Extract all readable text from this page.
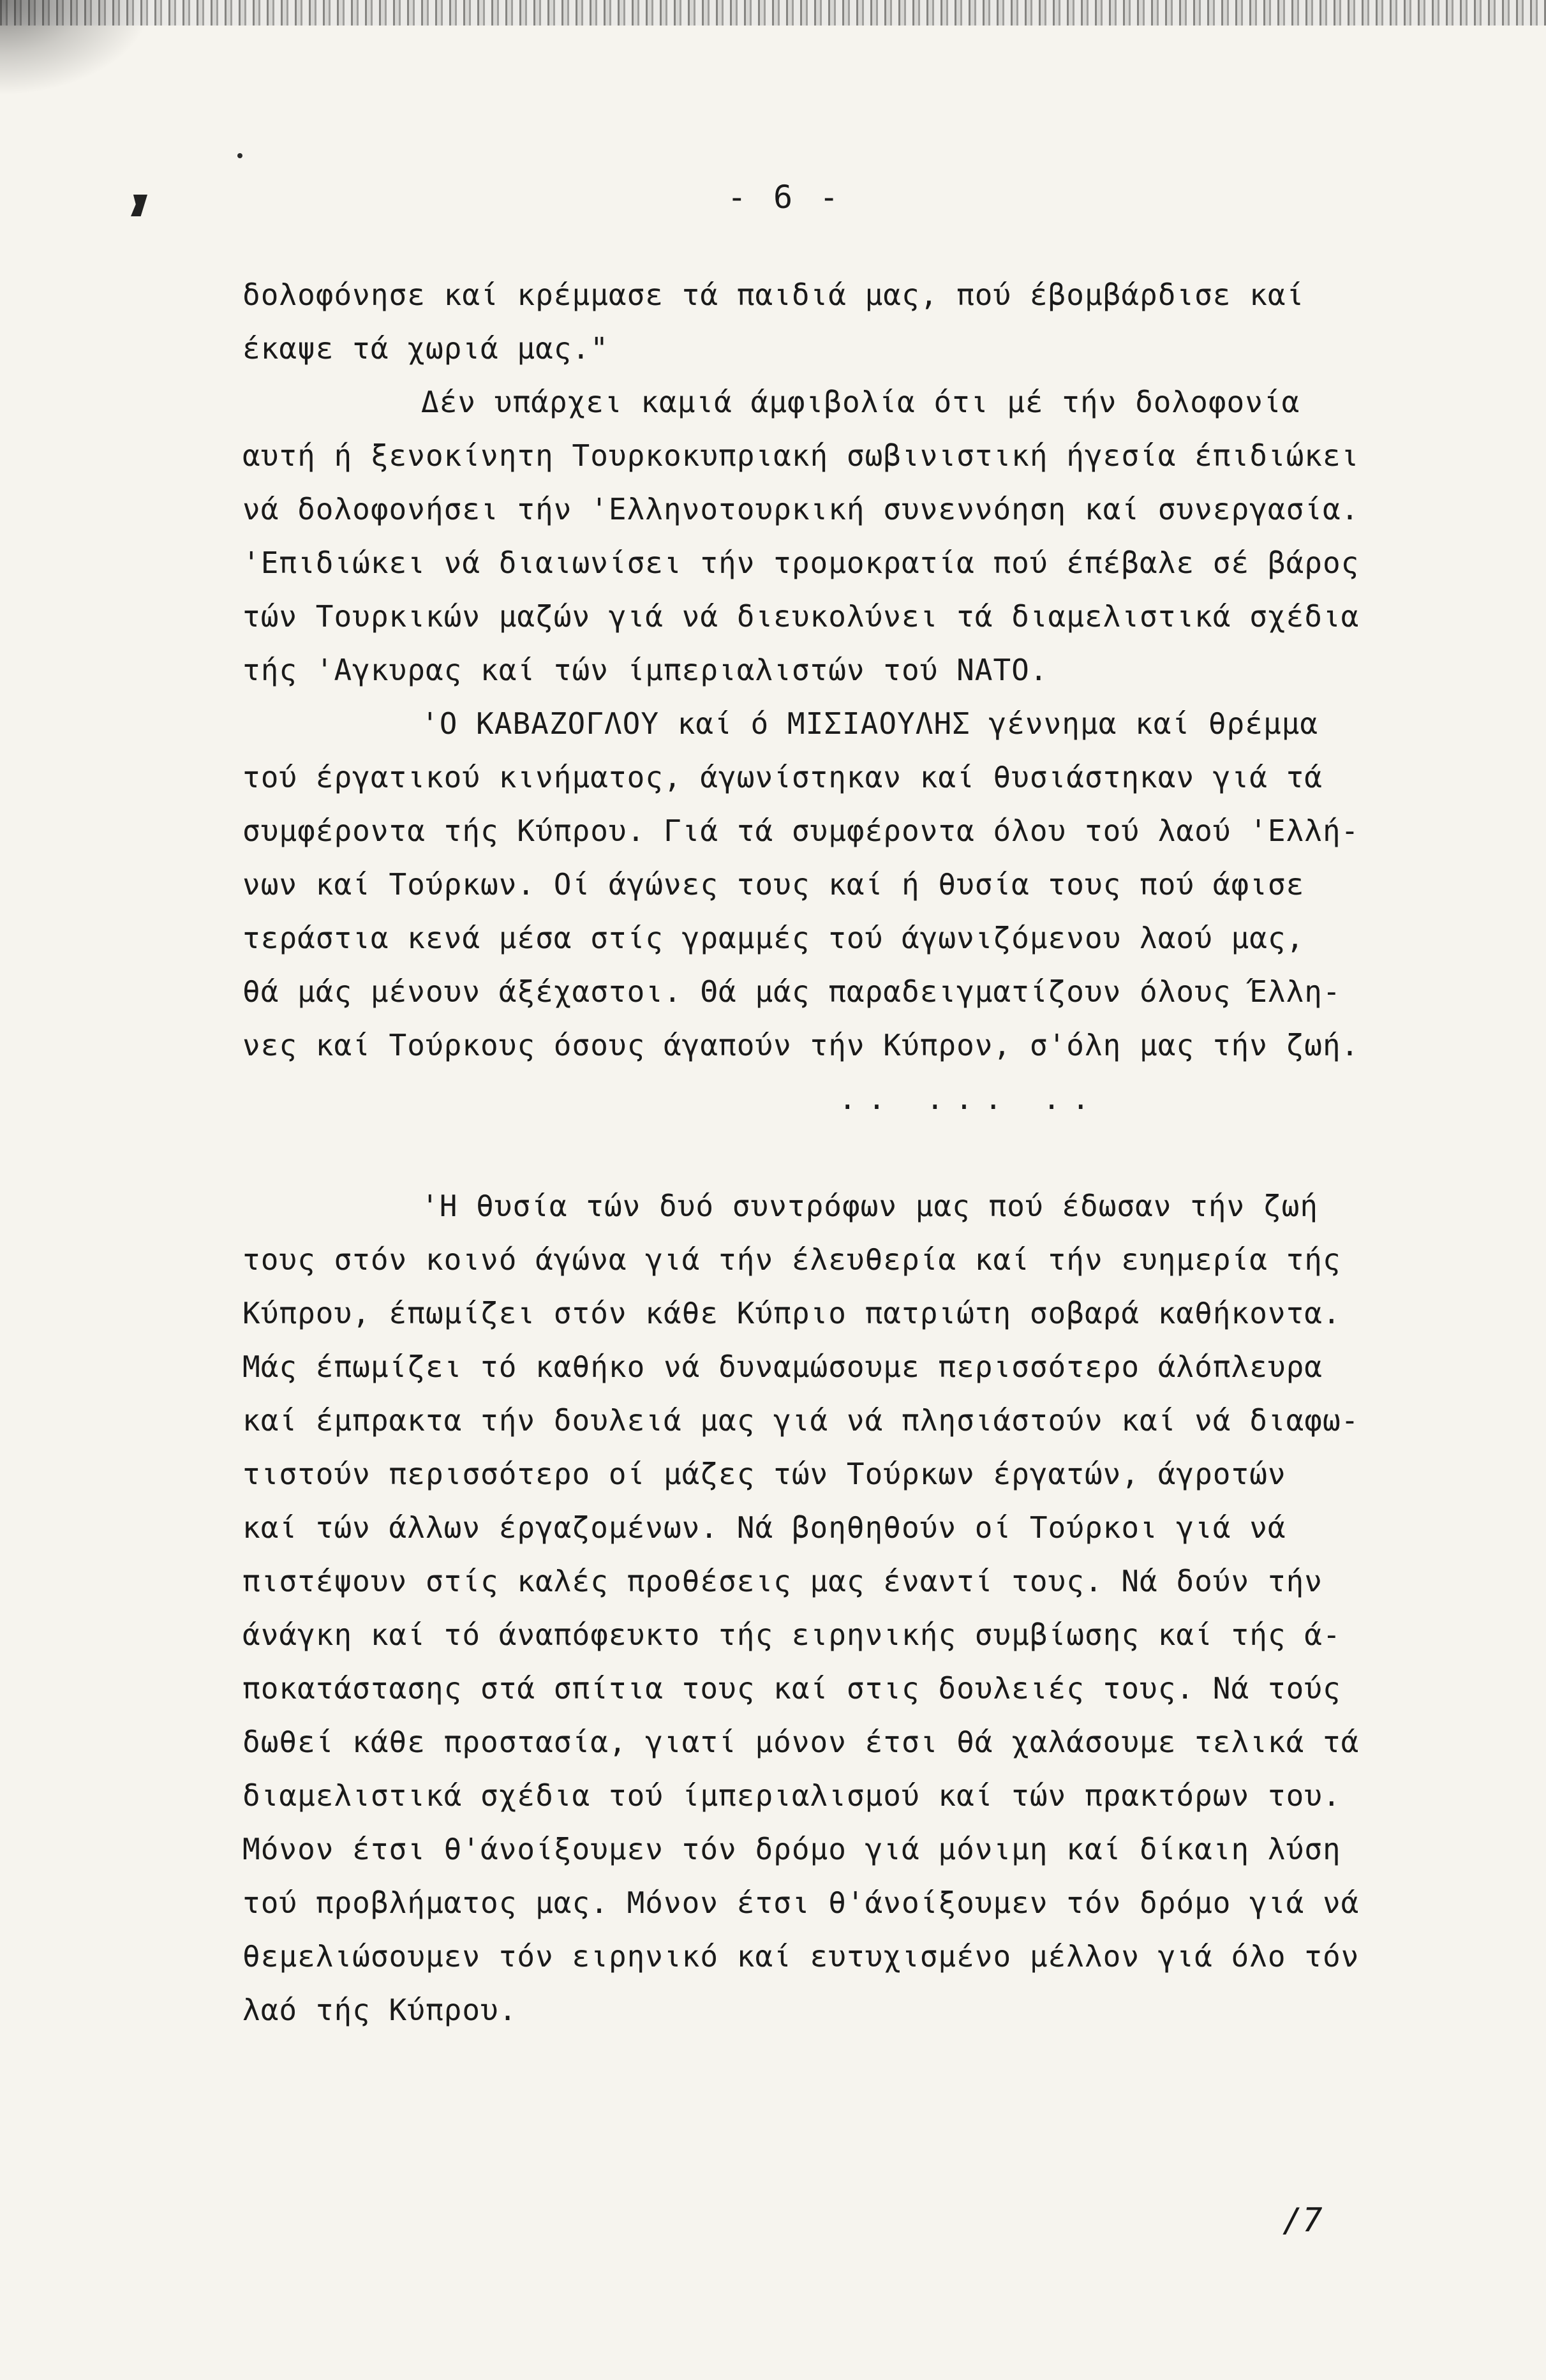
- 6 -
δολοφόνησε καί κρέμμασε τά παιδιά μας, πού έβομβάρδισε καί
έκαψε τά χωριά μας."
Δέν υπάρχει καμιά άμφιβολία ότι μέ τήν δολοφονία
αυτή ή ξενοκίνητη Τουρκοκυπριακή σωβινιστική ήγεσία έπιδιώκει
νά δολοφονήσει τήν 'Ελληνοτουρκική συνεννόηση καί συνεργασία.
'Επιδιώκει νά διαιωνίσει τήν τρομοκρατία πού έπέβαλε σέ βάρος
τών Τουρκικών μαζών γιά νά διευκολύνει τά διαμελιστικά σχέδια
τής 'Αγκυρας καί τών ίμπεριαλιστών τού ΝΑΤΟ.
'Ο ΚΑΒΑΖΟΓΛΟΥ καί ό ΜΙΣΙΑΟΥΛΗΣ γέννημα καί θρέμμα
τού έργατικού κινήματος, άγωνίστηκαν καί θυσιάστηκαν γιά τά
συμφέροντα τής Κύπρου. Γιά τά συμφέροντα όλου τού λαού 'Ελλή-
νων καί Τούρκων. Οί άγώνες τους καί ή θυσία τους πού άφισε
τεράστια κενά μέσα στίς γραμμές τού άγωνιζόμενου λαού μας,
θά μάς μένουν άξέχαστοι. Θά μάς παραδειγματίζουν όλους Έλλη-
νες καί Τούρκους όσους άγαπούν τήν Κύπρον, σ'όλη μας τήν ζωή.
.. ... ..
'Η θυσία τών δυό συντρόφων μας πού έδωσαν τήν ζωή
τους στόν κοινό άγώνα γιά τήν έλευθερία καί τήν ευημερία τής
Κύπρου, έπωμίζει στόν κάθε Κύπριο πατριώτη σοβαρά καθήκοντα.
Μάς έπωμίζει τό καθήκο νά δυναμώσουμε περισσότερο άλόπλευρα
καί έμπρακτα τήν δουλειά μας γιά νά πλησιάστούν καί νά διαφω-
τιστούν περισσότερο οί μάζες τών Τούρκων έργατών, άγροτών
καί τών άλλων έργαζομένων. Νά βοηθηθούν οί Τούρκοι γιά νά
πιστέψουν στίς καλές προθέσεις μας έναντί τους. Νά δούν τήν
άνάγκη καί τό άναπόφευκτο τής ειρηνικής συμβίωσης καί τής ά-
ποκατάστασης στά σπίτια τους καί στις δουλειές τους. Νά τούς
δωθεί κάθε προστασία, γιατί μόνον έτσι θά χαλάσουμε τελικά τά
διαμελιστικά σχέδια τού ίμπεριαλισμού καί τών πρακτόρων του.
Μόνον έτσι θ'άνοίξουμεν τόν δρόμο γιά μόνιμη καί δίκαιη λύση
τού προβλήματος μας. Μόνον έτσι θ'άνοίξουμεν τόν δρόμο γιά νά
θεμελιώσουμεν τόν ειρηνικό καί ευτυχισμένο μέλλον γιά όλο τόν
λαό τής Κύπρου.
/7
